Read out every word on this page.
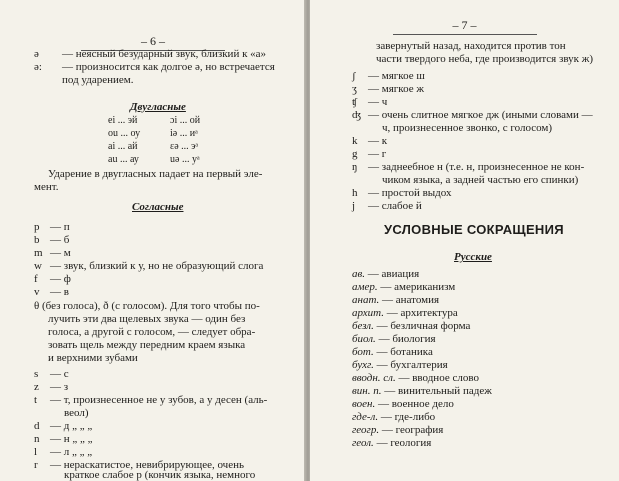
– 6 –
ə — неясный безударный звук, близкий к «а»
ə: — произносится как долгое ə, но встречается
под ударением.
Двугласные
ei ... эй	ɔi ... ой
ou ... оу	iə ... иᵃ
ai ... ай	εə ... эᵃ
au ... ау	uə ... уᵃ
Ударение в двугласных падает на первый эле-
мент.
Согласные
p — п
b — б
m — м
w — звук, близкий к у, но не образующий слога
f — ф
v — в
θ (без голоса), ð (с голосом). Для того чтобы по-
лучить эти два щелевых звука — один без
голоса, а другой с голосом, — следует обра-
зовать щель между передним краем языка
и верхними зубами
s — с
z — з
t — т, произнесенное не у зубов, а у десен (аль-
веол)
d — д „ „ „
n — н „ „ „
l — л „ „ „
r — нераскатистое, невибрирующее, очень
краткое слабое р (кончик языка, немного
– 7 –
завернутый назад, находится против тон
части твердого неба, где производится звук ж)
ʃ — мягкое ш
ʒ — мягкое ж
ʧ — ч
ʤ — очень слитное мягкое дж (иными словами —
ч, произнесенное звонко, с голосом)
k — к
g — г
ŋ — заднеебное н (т.е. н, произнесенное не кон-
чиком языка, а задней частью его спинки)
h — простой выдох
j — слабое й
УСЛОВНЫЕ СОКРАЩЕНИЯ
Русские
ав. — авиация
амер. — американизм
анат. — анатомия
архит. — архитектура
безл. — безличная форма
биол. — биология
бот. — ботаника
бухг. — бухгалтерия
вводн. сл. — вводное слово
вин. п. — винительный падеж
воен. — военное дело
где-л. — где-либо
геогр. — география
геол. — геология
